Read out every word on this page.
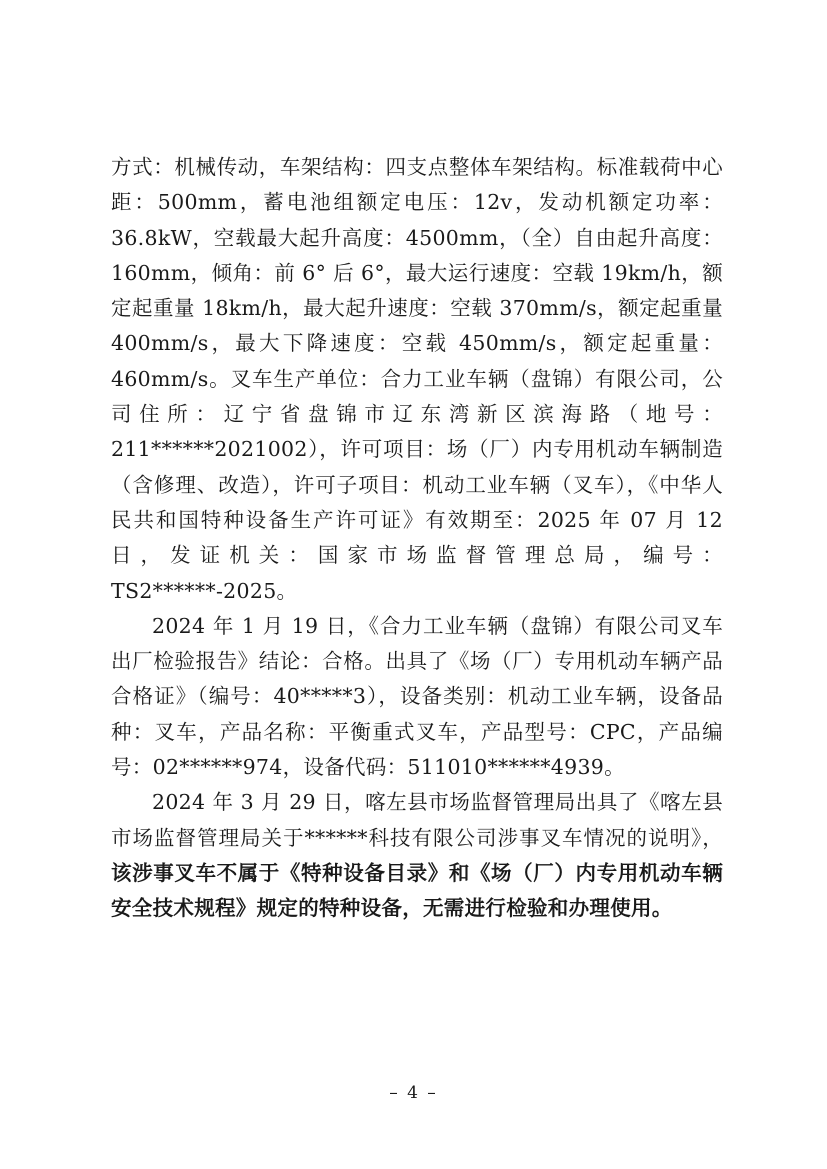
方式：机械传动，车架结构：四支点整体车架结构。标准载荷中心距：500mm，蓄电池组额定电压：12v，发动机额定功率：36.8kW，空载最大起升高度：4500mm，（全）自由起升高度：160mm，倾角：前 6° 后 6°，最大运行速度：空载 19km/h，额定起重量 18km/h，最大起升速度：空载 370mm/s，额定起重量 400mm/s，最大下降速度：空载 450mm/s，额定起重量：460mm/s。叉车生产单位：合力工业车辆（盘锦）有限公司，公司住所：辽宁省盘锦市辽东湾新区滨海路（地号：211******2021002），许可项目：场（厂）内专用机动车辆制造（含修理、改造），许可子项目：机动工业车辆（叉车），《中华人民共和国特种设备生产许可证》有效期至：2025 年 07 月 12 日，发证机关：国家市场监督管理总局，编号：TS2******-2025。

2024 年 1 月 19 日，《合力工业车辆（盘锦）有限公司叉车出厂检验报告》结论：合格。出具了《场（厂）专用机动车辆产品合格证》（编号：40*****3），设备类别：机动工业车辆，设备品种：叉车，产品名称：平衡重式叉车，产品型号：CPC，产品编号：02******974，设备代码：511010******4939。

2024 年 3 月 29 日，喀左县市场监督管理局出具了《喀左县市场监督管理局关于******科技有限公司涉事叉车情况的说明》，该涉事叉车不属于《特种设备目录》和《场（厂）内专用机动车辆安全技术规程》规定的特种设备，无需进行检验和办理使用。

– 4 –
